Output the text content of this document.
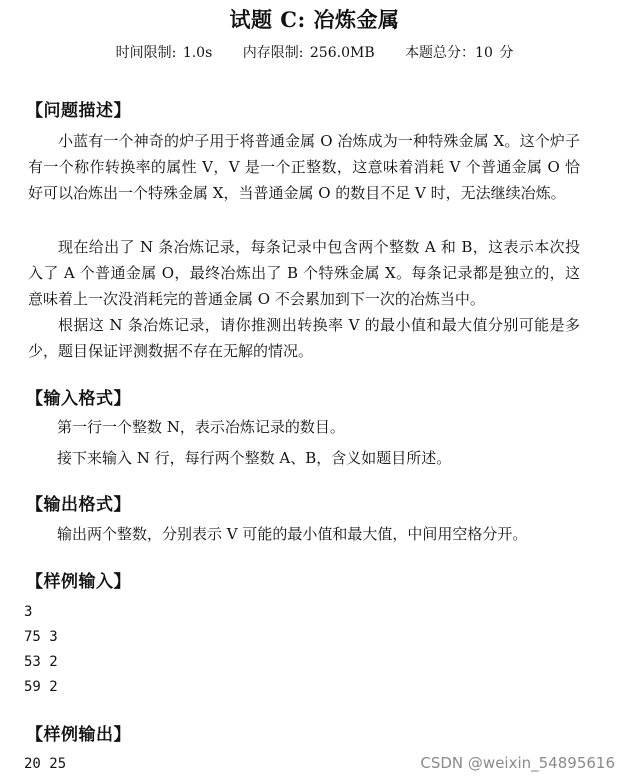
试题 C: 冶炼金属
时间限制: 1.0s 内存限制: 256.0MB 本题总分：10 分
【问题描述】
小蓝有一个神奇的炉子用于将普通金属 O 冶炼成为一种特殊金属 X。这个炉子有一个称作转换率的属性 V，V 是一个正整数，这意味着消耗 V 个普通金属 O 恰好可以冶炼出一个特殊金属 X，当普通金属 O 的数目不足 V 时，无法继续冶炼。
现在给出了 N 条冶炼记录，每条记录中包含两个整数 A 和 B，这表示本次投入了 A 个普通金属 O，最终冶炼出了 B 个特殊金属 X。每条记录都是独立的，这意味着上一次没消耗完的普通金属 O 不会累加到下一次的冶炼当中。
根据这 N 条冶炼记录，请你推测出转换率 V 的最小值和最大值分别可能是多少，题目保证评测数据不存在无解的情况。
【输入格式】
第一行一个整数 N，表示冶炼记录的数目。
接下来输入 N 行，每行两个整数 A、B，含义如题目所述。
【输出格式】
输出两个整数，分别表示 V 可能的最小值和最大值，中间用空格分开。
【样例输入】
3
75 3
53 2
59 2
【样例输出】
20 25	CSDN @weixin_54895616
